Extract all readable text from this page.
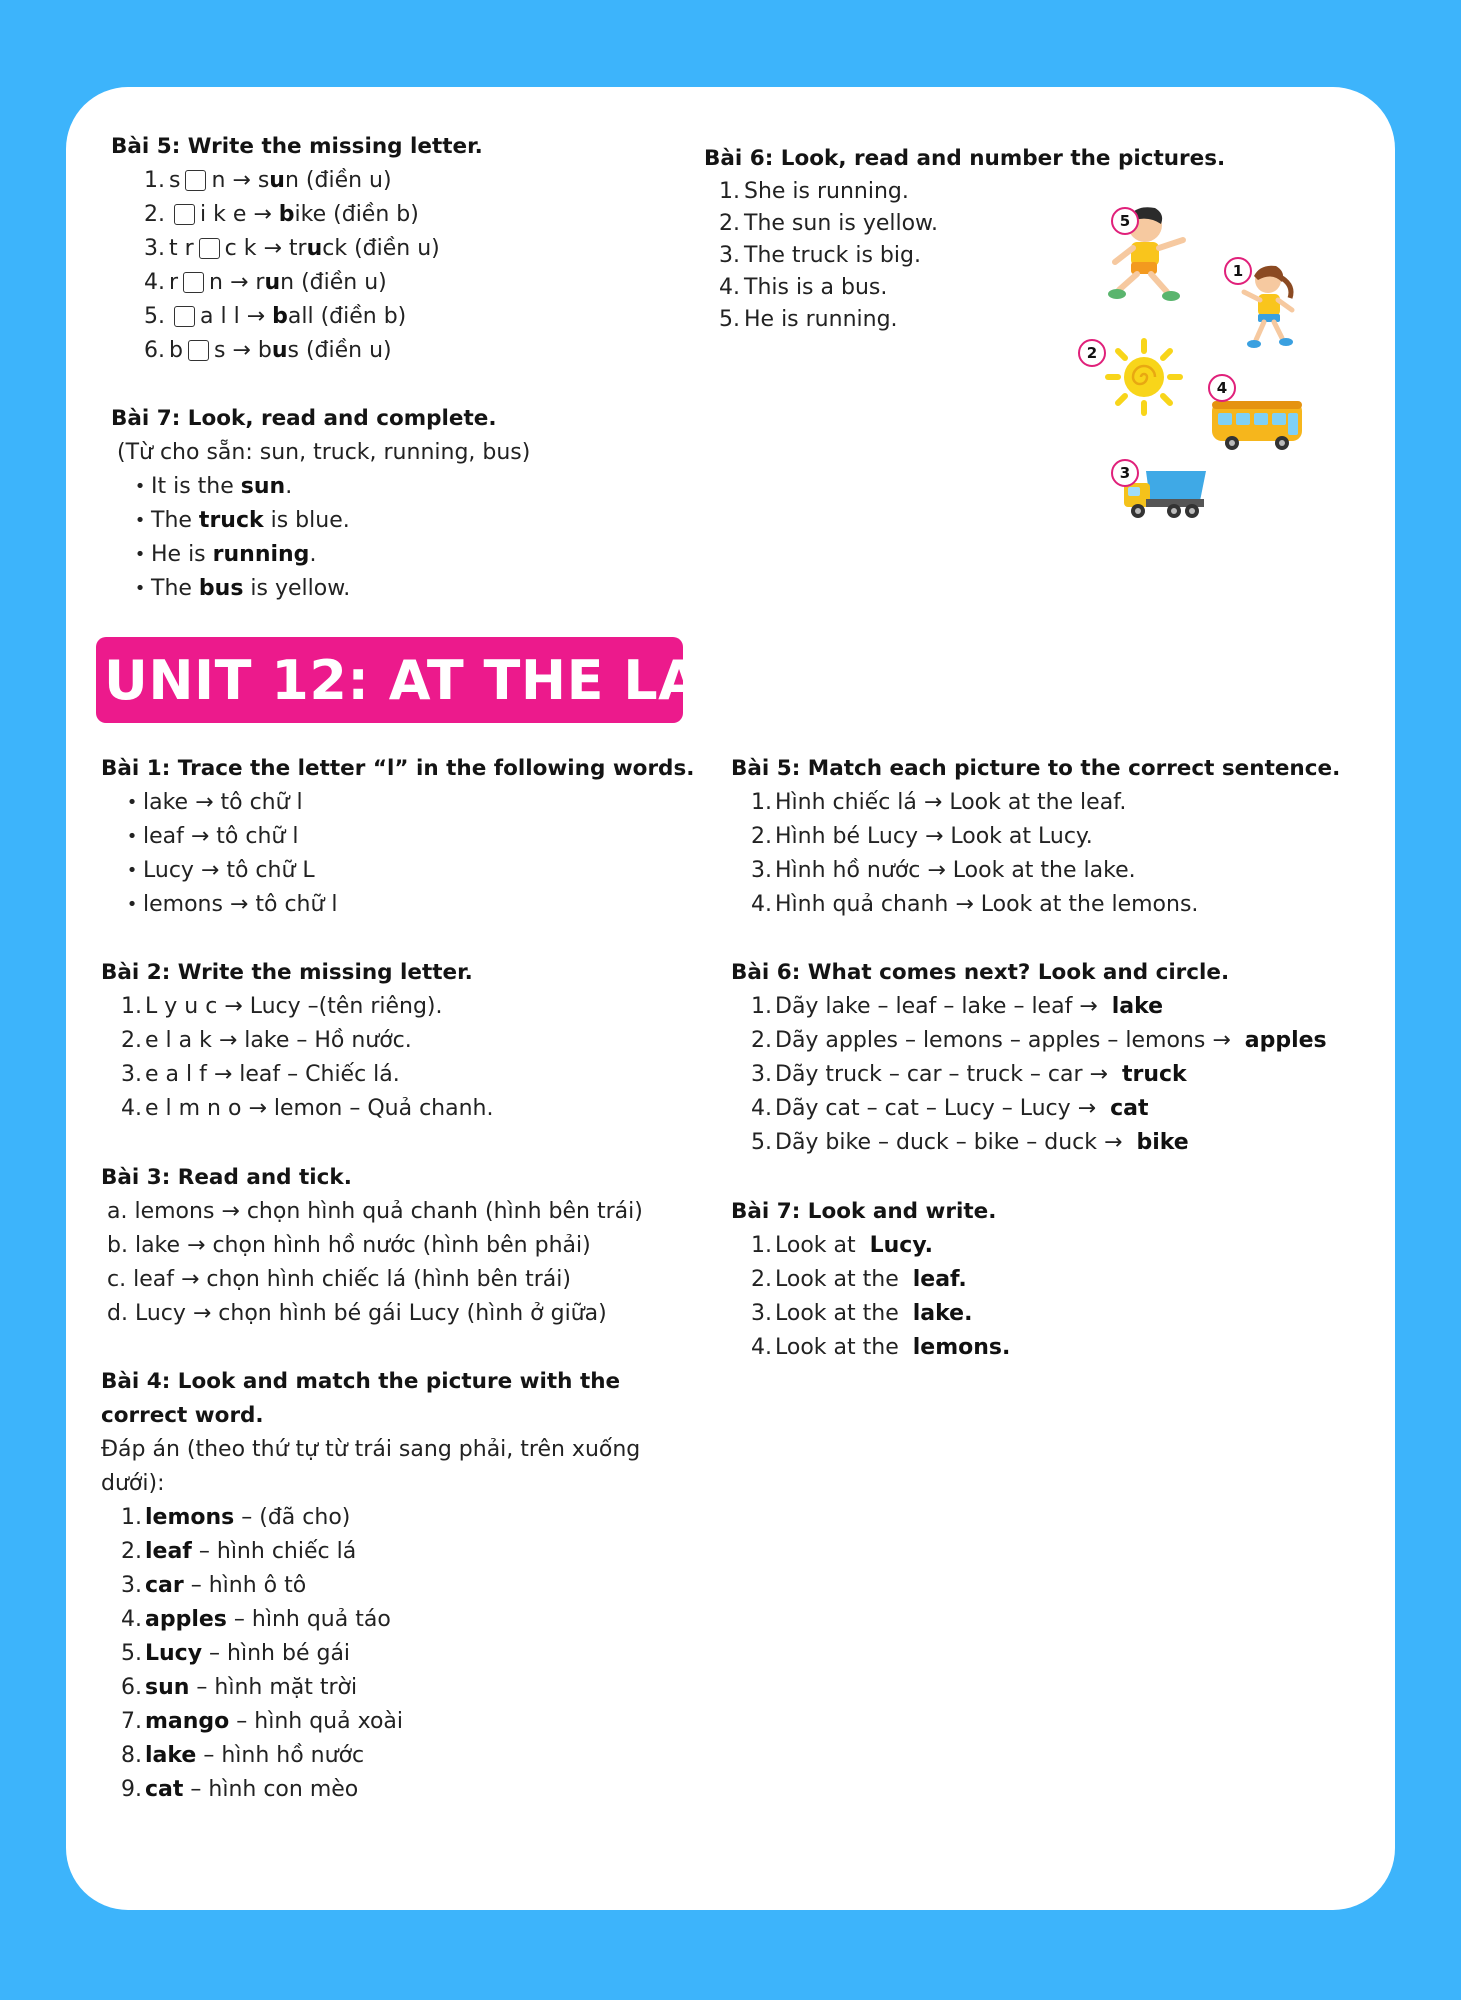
Bài 5: Write the missing letter.

1. s n → s u n (điền u)
2. i k e → b ike (điền b)
3. t r c k → tr u ck (điền u)
4. r n → r u n (điền u)
5. a l l → b all (điền b)
6. b s → b u s (điền u)

Bài 7: Look, read and complete.

(Từ cho sẵn: sun, truck, running, bus)
• It is the sun .
• The truck is blue.
• He is running .
• The bus is yellow.

Bài 6: Look, read and number the pictures.

1. She is running.
2. The sun is yellow.
3. The truck is big.
4. This is a bus.
5. He is running.
5
1
2
4
3
UNIT 12: AT THE LAKE

Bài 1: Trace the letter “l” in the following words.

• lake → tô chữ l
• leaf → tô chữ l
• Lucy → tô chữ L
• lemons → tô chữ l

Bài 2: Write the missing letter.

1. L y u c → Lucy –(tên riêng).
2. e l a k → lake – Hồ nước.
3. e a l f → leaf – Chiếc lá.
4. e l m n o → lemon – Quả chanh.

Bài 3: Read and tick.

a. lemons → chọn hình quả chanh (hình bên trái)
b. lake → chọn hình hồ nước (hình bên phải)
c. leaf → chọn hình chiếc lá (hình bên trái)
d. Lucy → chọn hình bé gái Lucy (hình ở giữa)

Bài 4: Look and match the picture with the

correct word.

Đáp án (theo thứ tự từ trái sang phải, trên xuống
dưới):
1. lemons – (đã cho)
2. leaf – hình chiếc lá
3. car – hình ô tô
4. apples – hình quả táo
5. Lucy – hình bé gái
6. sun – hình mặt trời
7. mango – hình quả xoài
8. lake – hình hồ nước
9. cat – hình con mèo

Bài 5: Match each picture to the correct sentence.

1. Hình chiếc lá → Look at the leaf.
2. Hình bé Lucy → Look at Lucy.
3. Hình hồ nước → Look at the lake.
4. Hình quả chanh → Look at the lemons.

Bài 6: What comes next? Look and circle.

1. Dãy lake – leaf – lake – leaf →
lake
2. Dãy apples – lemons – apples – lemons →
apples
3. Dãy truck – car – truck – car →
truck
4. Dãy cat – cat – Lucy – Lucy →
cat
5. Dãy bike – duck – bike – duck →
bike

Bài 7: Look and write.

1. Look at
Lucy.
2. Look at the
leaf.
3. Look at the
lake.
4. Look at the
lemons.
